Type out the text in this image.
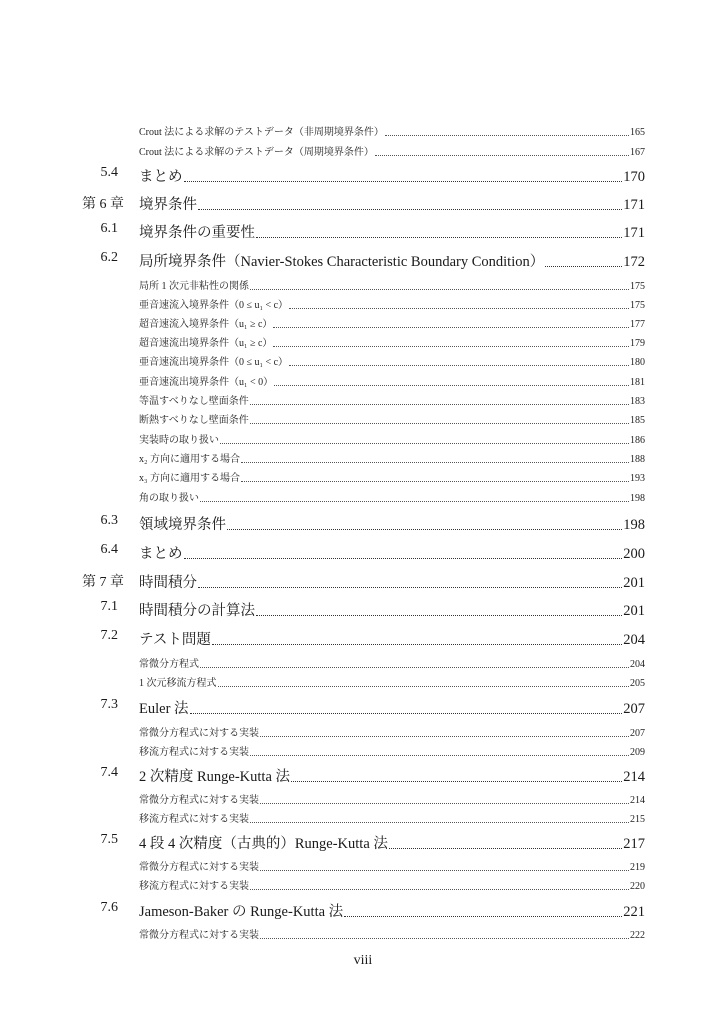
Crout 法による求解のテストデータ（非周期境界条件）	165
Crout 法による求解のテストデータ（周期境界条件）	167
5.4 まとめ	170
第 6 章 境界条件	171
6.1 境界条件の重要性	171
6.2 局所境界条件（Navier-Stokes Characteristic Boundary Condition）	172
局所 1 次元非粘性の関係	175
亜音速流入境界条件（0 ≤ u₁ < c）	175
超音速流入境界条件（u₁ ≥ c）	177
超音速流出境界条件（u₁ ≥ c）	179
亜音速流出境界条件（0 ≤ u₁ < c）	180
亜音速流出境界条件（u₁ < 0）	181
等温すべりなし壁面条件	183
断熱すべりなし壁面条件	185
実装時の取り扱い	186
x₂ 方向に適用する場合	188
x₃ 方向に適用する場合	193
角の取り扱い	198
6.3 領域境界条件	198
6.4 まとめ	200
第 7 章 時間積分	201
7.1 時間積分の計算法	201
7.2 テスト問題	204
常微分方程式	204
1 次元移流方程式	205
7.3 Euler 法	207
常微分方程式に対する実装	207
移流方程式に対する実装	209
7.4 2 次精度 Runge-Kutta 法	214
常微分方程式に対する実装	214
移流方程式に対する実装	215
7.5 4 段 4 次精度（古典的）Runge-Kutta 法	217
常微分方程式に対する実装	219
移流方程式に対する実装	220
7.6 Jameson-Baker の Runge-Kutta 法	221
常微分方程式に対する実装	222
viii
